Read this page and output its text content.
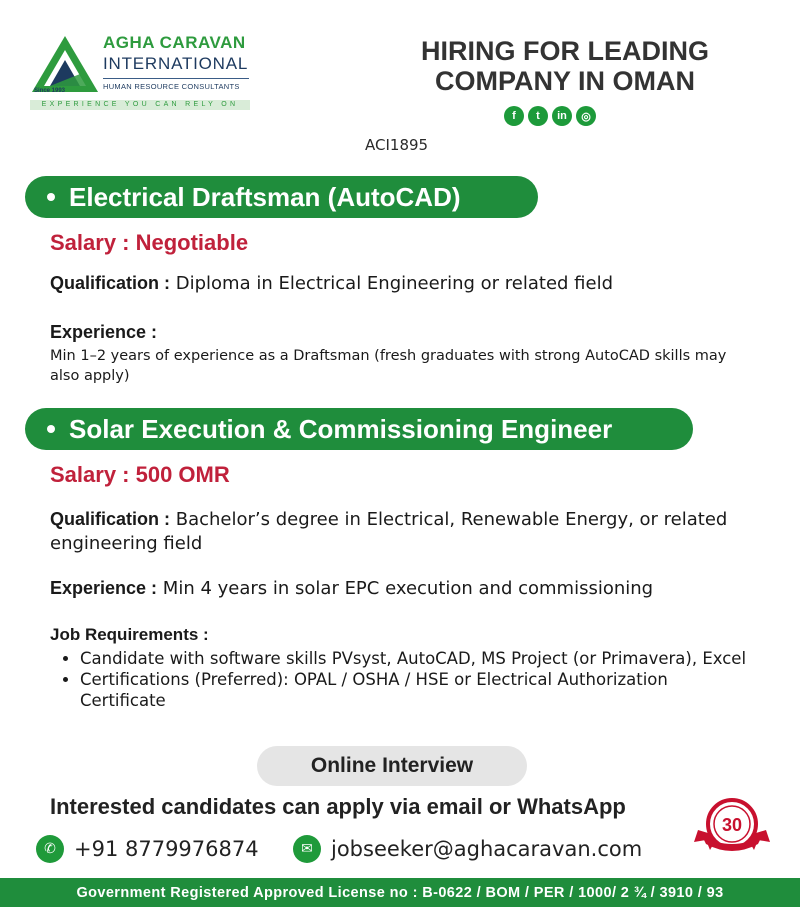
AGHA CARAVAN
INTERNATIONAL
HUMAN RESOURCE CONSULTANTS
Since 1993
EXPERIENCE YOU CAN RELY ON
HIRING FOR LEADING
COMPANY IN OMAN
f	t	in	◎
ACI1895
Electrical Draftsman (AutoCAD)
Salary : Negotiable
Qualification : Diploma in Electrical Engineering or related field
Experience :
Min 1–2 years of experience as a Draftsman (fresh graduates with strong AutoCAD skills may also apply)
Solar Execution & Commissioning Engineer
Salary : 500 OMR
Qualification : Bachelor’s degree in Electrical, Renewable Energy, or related engineering field
Experience : Min 4 years in solar EPC execution and commissioning
Job Requirements :
• Candidate with software skills PVsyst, AutoCAD, MS Project (or Primavera), Excel
• Certifications (Preferred): OPAL / OSHA / HSE or Electrical Authorization Certificate
Online Interview
Interested candidates can apply via email or WhatsApp
✆ +91 8779976874	✉ jobseeker@aghacaravan.com
30
Government Registered Approved License no : B-0622 / BOM / PER / 1000/ 2 ¾ / 3910 / 93
